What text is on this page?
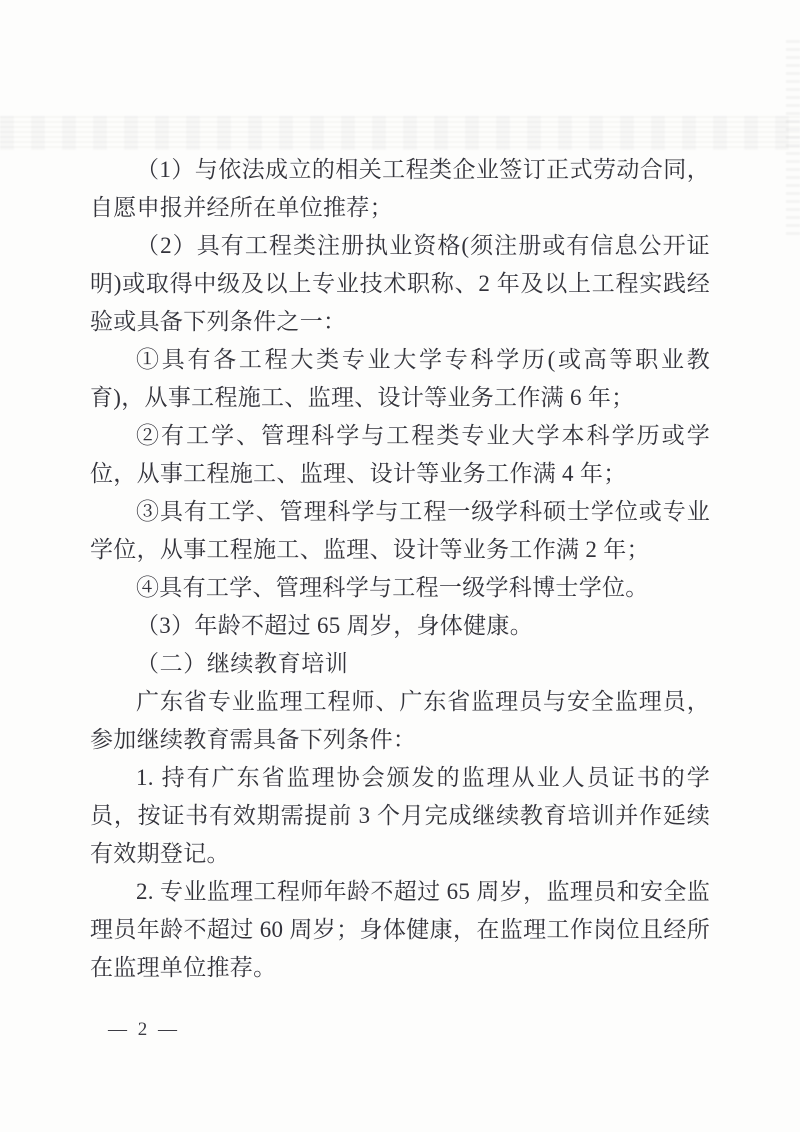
（1）与依法成立的相关工程类企业签订正式劳动合同，自愿申报并经所在单位推荐；

（2）具有工程类注册执业资格(须注册或有信息公开证明)或取得中级及以上专业技术职称、2 年及以上工程实践经验或具备下列条件之一：

①具有各工程大类专业大学专科学历(或高等职业教育)，从事工程施工、监理、设计等业务工作满 6 年；

②有工学、管理科学与工程类专业大学本科学历或学位，从事工程施工、监理、设计等业务工作满 4 年；

③具有工学、管理科学与工程一级学科硕士学位或专业学位，从事工程施工、监理、设计等业务工作满 2 年；

④具有工学、管理科学与工程一级学科博士学位。

（3）年龄不超过 65 周岁，身体健康。

（二）继续教育培训

广东省专业监理工程师、广东省监理员与安全监理员，参加继续教育需具备下列条件：

1. 持有广东省监理协会颁发的监理从业人员证书的学员，按证书有效期需提前 3 个月完成继续教育培训并作延续有效期登记。

2. 专业监理工程师年龄不超过 65 周岁，监理员和安全监理员年龄不超过 60 周岁；身体健康，在监理工作岗位且经所在监理单位推荐。

— 2 —
